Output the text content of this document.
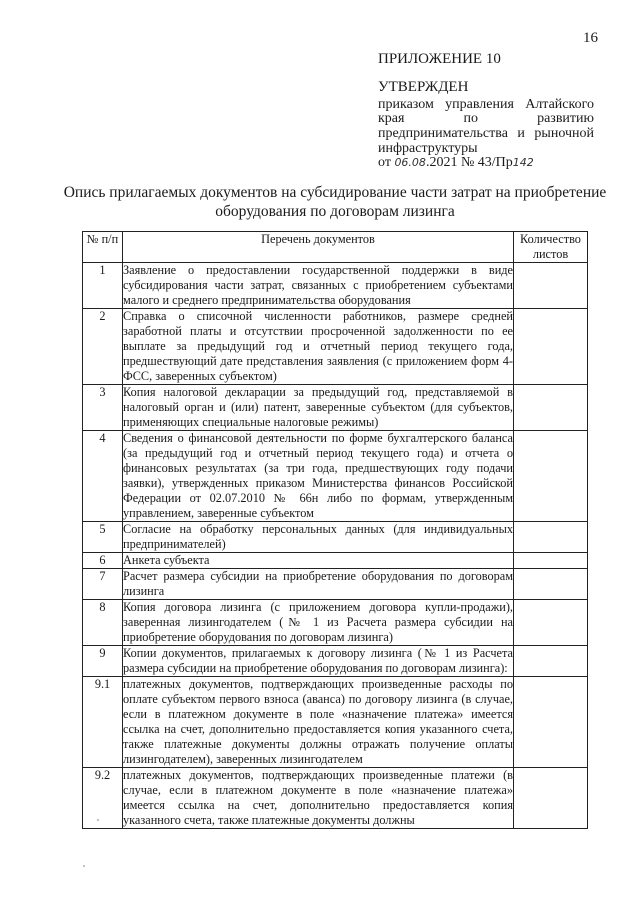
16
ПРИЛОЖЕНИЕ 10
УТВЕРЖДЕН
приказом управления Алтайского края по развитию предпринимательства и рыночной инфраструктуры
от 06.08.2021 № 43/Пр142
Опись прилагаемых документов на субсидирование части затрат на приобретение оборудования по договорам лизинга
№ п/п	Перечень документов	Количество листов
1	Заявление о предоставлении государственной поддержки в виде субсидирования части затрат, связанных с приобретением субъектами малого и среднего предпринимательства оборудования	
2	Справка о списочной численности работников, размере средней заработной платы и отсутствии просроченной задолженности по ее выплате за предыдущий год и отчетный период текущего года, предшествующий дате представления заявления (с приложением форм 4-ФСС, заверенных субъектом)	
3	Копия налоговой декларации за предыдущий год, представляемой в налоговый орган и (или) патент, заверенные субъектом (для субъектов, применяющих специальные налоговые режимы)	
4	Сведения о финансовой деятельности по форме бухгалтерского баланса (за предыдущий год и отчетный период текущего года) и отчета о финансовых результатах (за три года, предшествующих году подачи заявки), утвержденных приказом Министерства финансов Российской Федерации от 02.07.2010 № 66н либо по формам, утвержденным управлением, заверенные субъектом	
5	Согласие на обработку персональных данных (для индивидуальных предпринимателей)	
6	Анкета субъекта	
7	Расчет размера субсидии на приобретение оборудования по договорам лизинга	
8	Копия договора лизинга (с приложением договора купли-продажи), заверенная лизингодателем (№ 1 из Расчета размера субсидии на приобретение оборудования по договорам лизинга)	
9	Копии документов, прилагаемых к договору лизинга (№ 1 из Расчета размера субсидии на приобретение оборудования по договорам лизинга):	
9.1	платежных документов, подтверждающих произведенные расходы по оплате субъектом первого взноса (аванса) по договору лизинга (в случае, если в платежном документе в поле «назначение платежа» имеется ссылка на счет, дополнительно предоставляется копия указанного счета, также платежные документы должны отражать получение оплаты лизингодателем), заверенных лизингодателем	
9.2	платежных документов, подтверждающих произведенные платежи (в случае, если в платежном документе в поле «назначение платежа» имеется ссылка на счет, дополнительно предоставляется копия указанного счета, также платежные документы должны	
